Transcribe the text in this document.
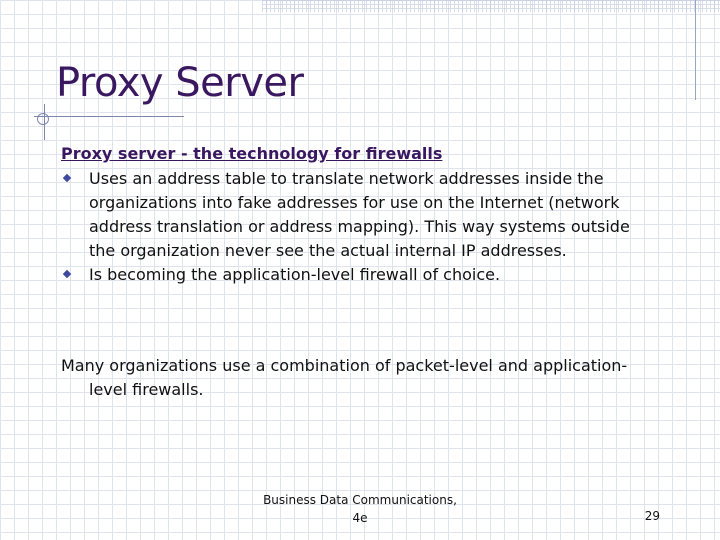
Proxy Server

Proxy server - the technology for firewalls

Uses an address table to translate network addresses inside the organizations into fake addresses for use on the Internet (network address translation or address mapping). This way systems outside the organization never see the actual internal IP addresses.
Is becoming the application-level firewall of choice.

Many organizations use a combination of packet-level and application-level firewalls.

Business Data Communications,
4e	29
